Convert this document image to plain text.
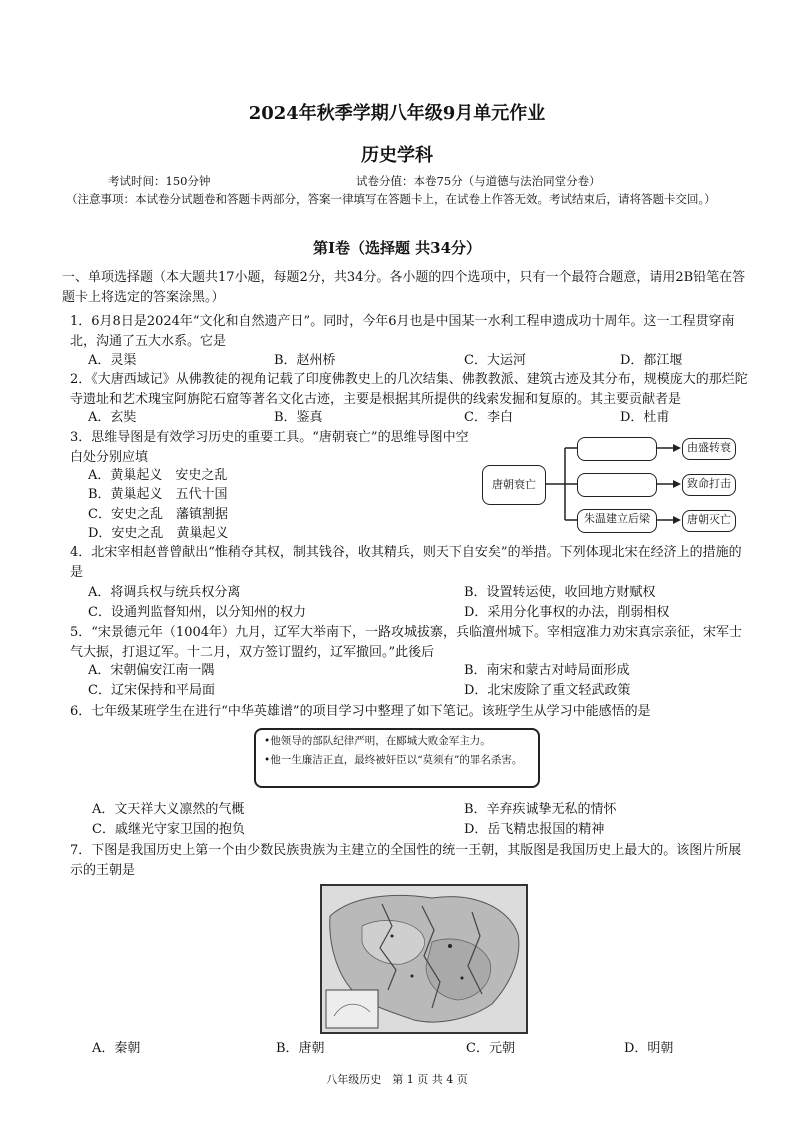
2024年秋季学期八年级9月单元作业
历史学科
考试时间：150分钟	试卷分值：本卷75分（与道德与法治同堂分卷）
（注意事项：本试卷分试题卷和答题卡两部分，答案一律填写在答题卡上，在试卷上作答无效。考试结束后，请将答题卡交回。）
第Ⅰ卷（选择题 共34分）
一、单项选择题（本大题共17小题，每题2分，共34分。各小题的四个选项中，只有一个最符合题意，请用2B铅笔在答题卡上将选定的答案涂黑。）
1．6月8日是2024年“文化和自然遗产日”。同时，今年6月也是中国某一水利工程申遗成功十周年。这一工程贯穿南北，沟通了五大水系。它是
A．灵渠	B．赵州桥	C．大运河	D．都江堰
2．《大唐西域记》从佛教徒的视角记载了印度佛教史上的几次结集、佛教教派、建筑古迹及其分布，规模庞大的那烂陀寺遗址和艺术瑰宝阿旃陀石窟等著名文化古迹，主要是根据其所提供的线索发掘和复原的。其主要贡献者是
A．玄奘	B．鉴真	C．李白	D．杜甫
3．思维导图是有效学习历史的重要工具。“唐朝衰亡”的思维导图中空白处分别应填
A．黄巢起义　安史之乱
B．黄巢起义　五代十国
C．安史之乱　藩镇割据
D．安史之乱　黄巢起义
唐朝衰亡
朱温建立后梁
由盛转衰
致命打击
唐朝灭亡
4．北宋宰相赵普曾献出“惟稍夺其权，制其钱谷，收其精兵，则天下自安矣”的举措。下列体现北宋在经济上的措施的是
A．将调兵权与统兵权分离	B．设置转运使，收回地方财赋权
C．设通判监督知州，以分知州的权力	D．采用分化事权的办法，削弱相权
5．“宋景德元年（1004年）九月，辽军大举南下，一路攻城拔寨，兵临澶州城下。宰相寇准力劝宋真宗亲征，宋军士气大振，打退辽军。十二月，双方签订盟约，辽军撤回。”此後后
A．宋朝偏安江南一隅	B．南宋和蒙古对峙局面形成
C．辽宋保持和平局面	D．北宋废除了重文轻武政策
6．七年级某班学生在进行“中华英雄谱”的项目学习中整理了如下笔记。该班学生从学习中能感悟的是
•他领导的部队纪律严明，在郾城大败金军主力。
•他一生廉洁正直，最终被奸臣以“莫须有”的罪名杀害。
A．文天祥大义凛然的气概	B．辛弃疾诚挚无私的情怀
C．戚继光守家卫国的抱负	D．岳飞精忠报国的精神
7．下图是我国历史上第一个由少数民族贵族为主建立的全国性的统一王朝，其版图是我国历史上最大的。该图片所展示的王朝是
A．秦朝	B．唐朝	C．元朝	D．明朝
八年级历史　第 1 页 共 4 页
